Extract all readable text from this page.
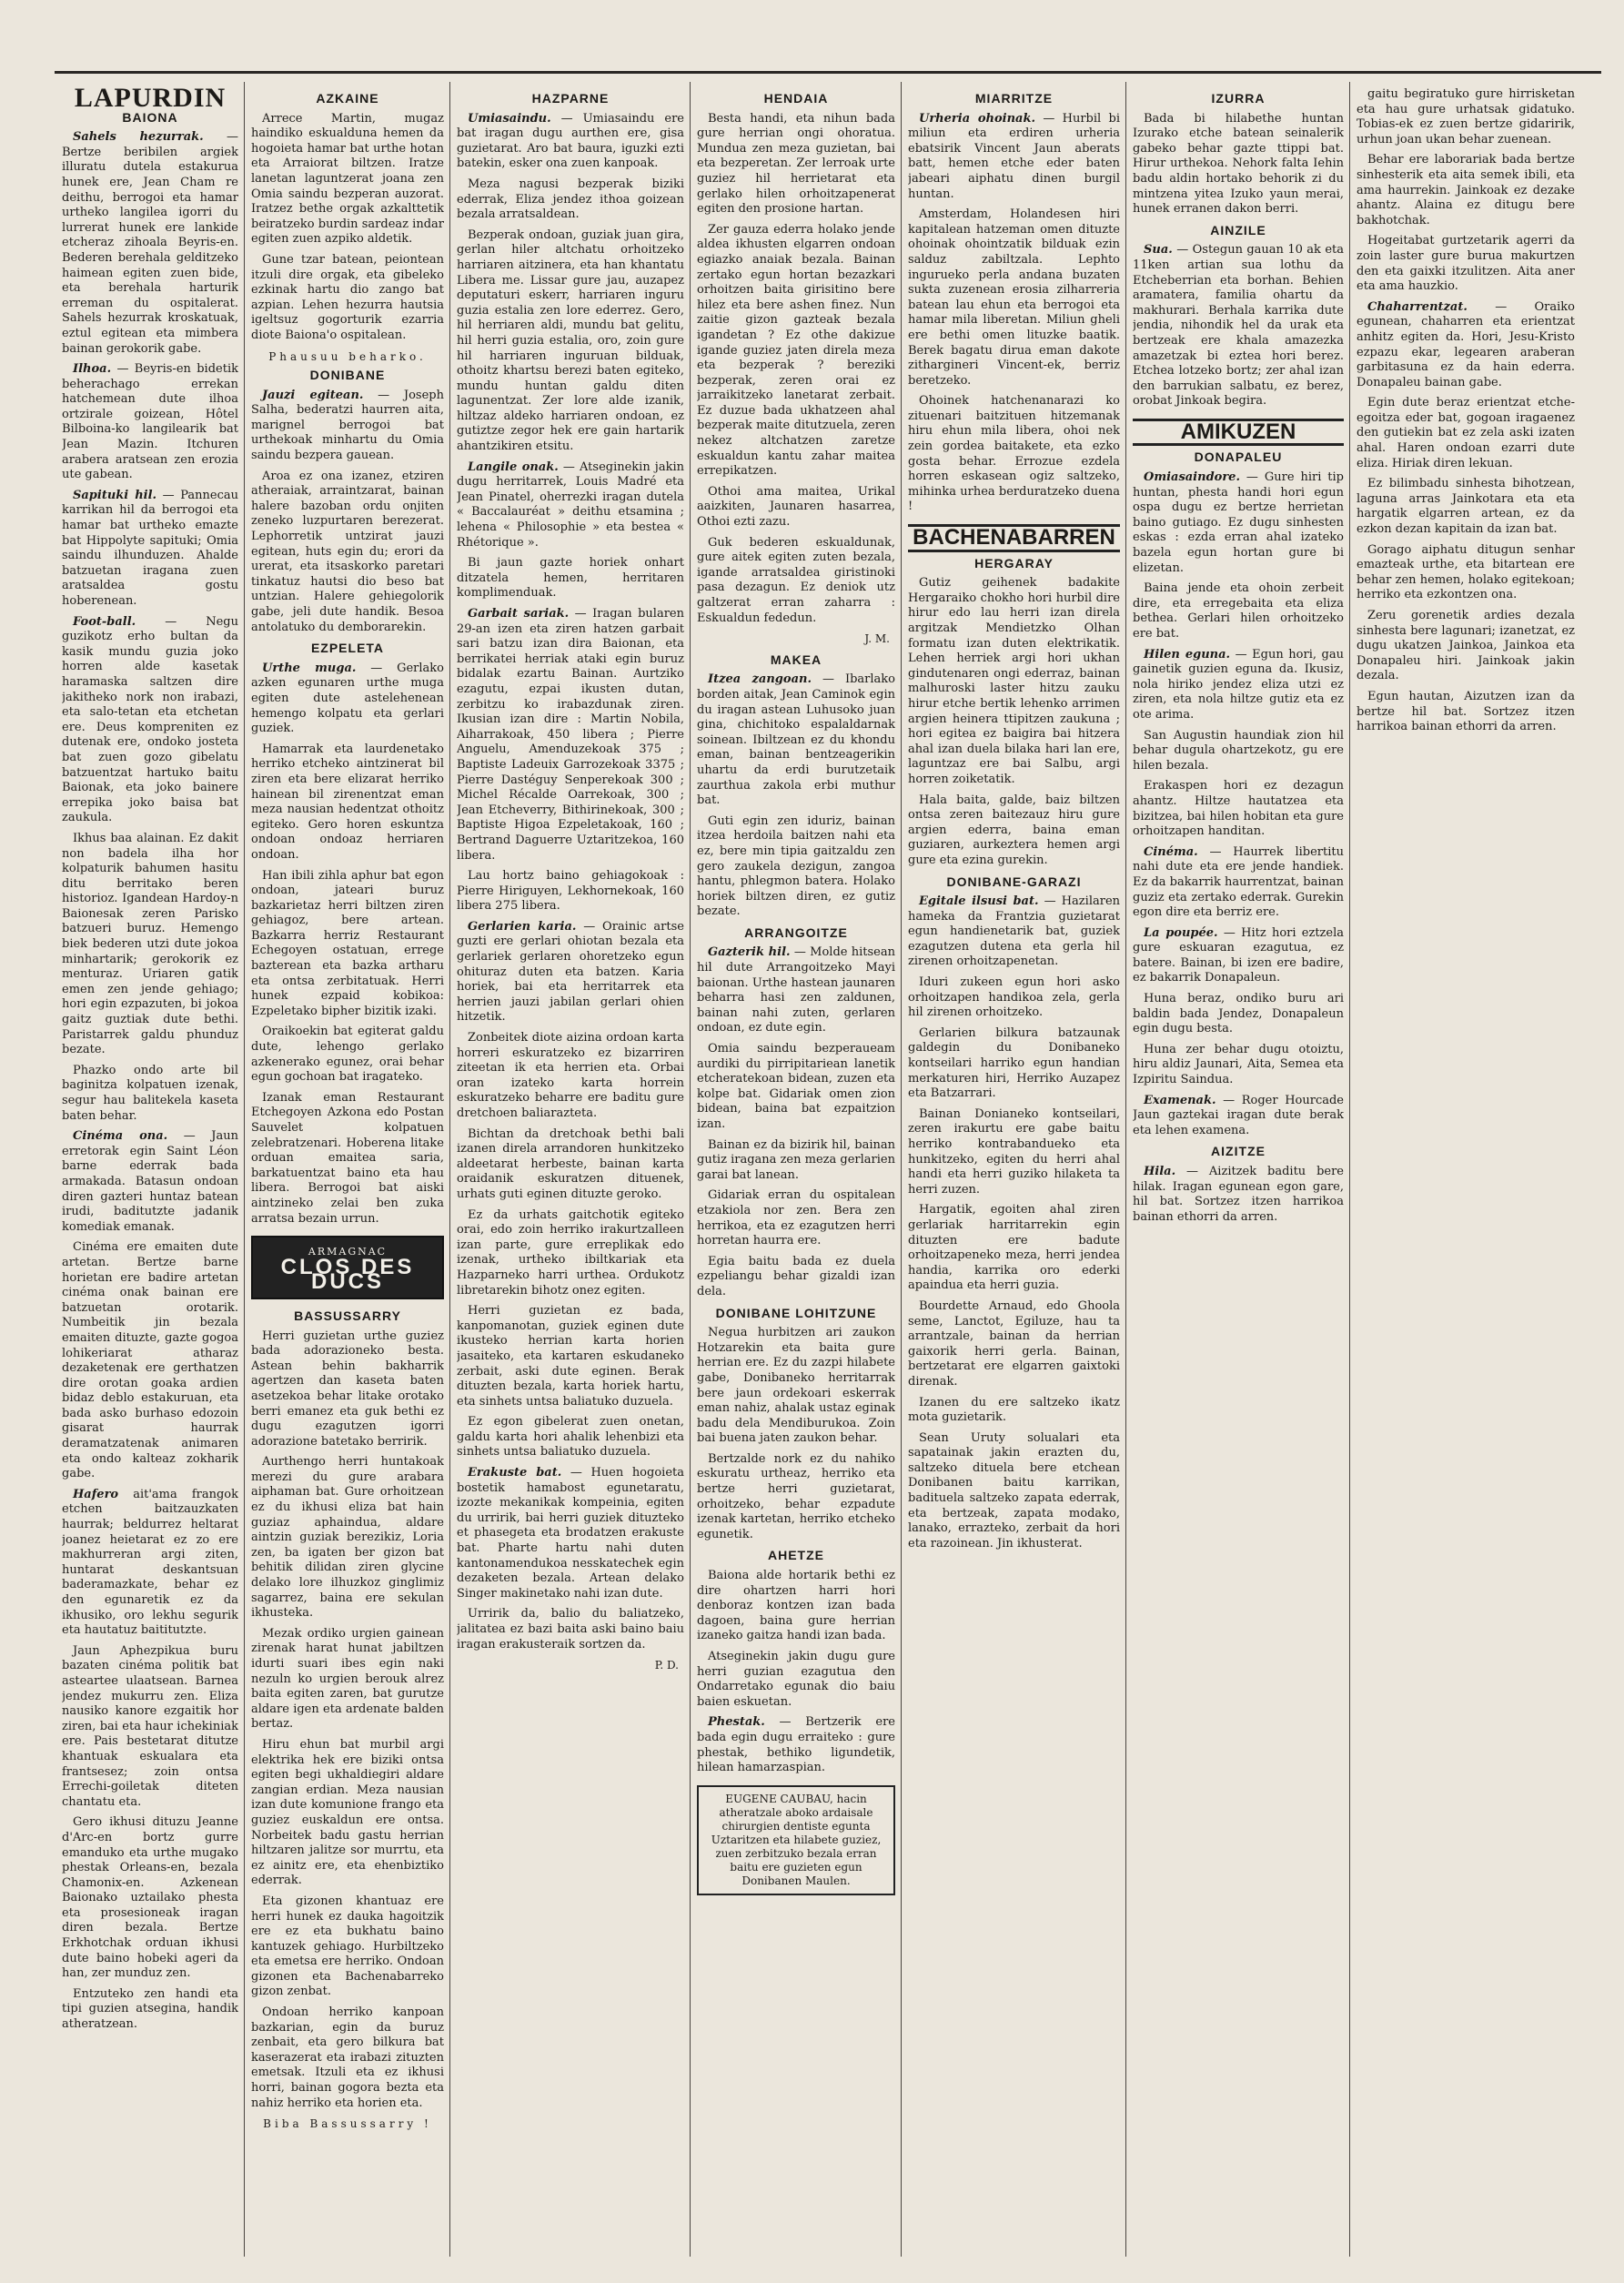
LAPURDIN
BAIONA

Sahels hezurrak. — Bertze beribilen argiek illuratu dutela estakurua hunek ere, Jean Cham re deithu, berrogoi eta hamar urtheko langilea igorri du lurrerat hunek ere lankide etcheraz zihoala Beyris-en. Bederen berehala gelditzeko haimean egiten zuen bide, eta berehala harturik erreman du ospitalerat. Sahels hezurrak kroskatuak, eztul egitean eta mimbera bainan gerokorik gabe.

Ilhoa. — Beyris-en bidetik beherachago errekan hatchemean dute ilhoa ortzirale goizean, Hôtel Bilboina-ko langilearik bat Jean Mazin. Itchuren arabera aratsean zen erozia ute gabean.

Sapituki hil. — Pannecau karrikan hil da berrogoi eta hamar bat urtheko emazte bat Hippolyte sapituki; Omia saindu ilhunduzen. Ahalde batzuetan iragana zuen aratsaldea gostu hoberenean.

Foot-ball. — Negu guzikotz erho bultan da kasik mundu guzia joko horren alde kasetak haramaska saltzen dire jakitheko nork non irabazi, eta salo-tetan eta etchetan ere. Deus kompreniten ez dutenak ere, ondoko josteta bat zuen gozo gibelatu batzuentzat hartuko baitu Baionak, eta joko bainere errepika joko baisa bat zaukula.

Ikhus baa alainan. Ez dakit non badela ilha hor kolpaturik bahumen hasitu ditu berritako beren historioz. Igandean Hardoy-n Baionesak zeren Parisko batzueri buruz. Hemengo biek bederen utzi dute jokoa minhartarik; gerokorik ez menturaz. Uriaren gatik emen zen jende gehiago; hori egin ezpazuten, bi jokoa gaitz guztiak dute bethi. Paristarrek galdu phunduz bezate.

Phazko ondo arte bil baginitza kolpatuen izenak, segur hau balitekela kaseta baten behar.

Cinéma ona. — Jaun erretorak egin Saint Léon barne ederrak bada armakada. Batasun ondoan diren gazteri huntaz batean irudi, baditutzte jadanik komediak emanak.

Cinéma ere emaiten dute artetan. Bertze barne horietan ere badire artetan cinéma onak bainan ere batzuetan orotarik. Numbeitik jin bezala emaiten dituzte, gazte gogoa lohikeriarat atharaz dezaketenak ere gerthatzen dire orotan goaka ardien bidaz deblo estakuruan, eta bada asko burhaso edozoin gisarat haurrak deramatzatenak animaren eta ondo kalteaz zokharik gabe.

Hafero ait'ama frangok etchen baitzauzkaten haurrak; beldurrez heltarat joanez heietarat ez zo ere makhurreran argi ziten, huntarat deskantsuan baderamazkate, behar ez den egunaretik ez da ikhusiko, oro lekhu segurik eta hautatuz baititutzte.

Jaun Aphezpikua buru bazaten cinéma politik bat asteartee ulaatsean. Barnea jendez mukurru zen. Eliza nausiko kanore ezgaitik hor ziren, bai eta haur ichekiniak ere. Pais bestetarat ditutze khantuak eskualara eta frantsesez; zoin ontsa Errechi-goiletak diteten chantatu eta.

Gero ikhusi dituzu Jeanne d'Arc-en bortz gurre emanduko eta urthe mugako phestak Orleans-en, bezala Chamonix-en. Azkenean Baionako uztailako phesta eta prosesioneak iragan diren bezala. Bertze Erkhotchak orduan ikhusi dute baino hobeki ageri da han, zer munduz zen.

Entzuteko zen handi eta tipi guzien atsegina, handik atheratzean.

AZKAINE

Arrece Martin, mugaz haindiko eskualduna hemen da hogoieta hamar bat urthe hotan eta Arraiorat biltzen. Iratze lanetan laguntzerat joana zen Omia saindu bezperan auzorat. Iratzez bethe orgak azkalttetik beiratzeko burdin sardeaz indar egiten zuen azpiko aldetik.

Gune tzar batean, peiontean itzuli dire orgak, eta gibeleko ezkinak hartu dio zango bat azpian. Lehen hezurra hautsia igeltsuz gogorturik ezarria diote Baiona'o ospitalean.

Phausuu beharko.
DONIBANE

Jauzi egitean. — Joseph Salha, bederatzi haurren aita, marignel berrogoi bat urthekoak minhartu du Omia saindu bezpera gauean.

Aroa ez ona izanez, etziren atheraiak, arraintzarat, bainan halere bazoban ordu onjiten zeneko luzpurtaren berezerat. Lephorretik untzirat jauzi egitean, huts egin du; erori da urerat, eta itsaskorko paretari tinkatuz hautsi dio beso bat untzian. Halere gehiegolorik gabe, jeli dute handik. Besoa antolatuko du demborarekin.

EZPELETA

Urthe muga. — Gerlako azken egunaren urthe muga egiten dute astelehenean hemengo kolpatu eta gerlari guziek.

Hamarrak eta laurdenetako herriko etcheko aintzinerat bil ziren eta bere elizarat herriko hainean bil zirenentzat eman meza nausian hedentzat othoitz egiteko. Gero horen eskuntza ondoan ondoaz herriaren ondoan.

Han ibili zihla aphur bat egon ondoan, jateari buruz bazkarietaz herri biltzen ziren gehiagoz, bere artean. Bazkarra herriz Restaurant Echegoyen ostatuan, errege bazterean eta bazka artharu eta ontsa zerbitatuak. Herri hunek ezpaid kobikoa: Ezpeletako bipher bizitik izaki.

Oraikoekin bat egiterat galdu dute, lehengo gerlako azkenerako egunez, orai behar egun gochoan bat iragateko.

Izanak eman Restaurant Etchegoyen Azkona edo Postan Sauvelet kolpatuen zelebratzenari. Hoberena litake orduan emaitea saria, barkatuentzat baino eta hau libera. Berrogoi bat aiski aintzineko zelai ben zuka arratsa bezain urrun.

ARMAGNAC
CLOS DES DUCS
BASSUSSARRY

Herri guzietan urthe guziez bada adorazioneko besta. Astean behin bakharrik agertzen dan kaseta baten asetzekoa behar litake orotako berri emanez eta guk bethi ez dugu ezagutzen igorri adorazione batetako berririk.

Aurthengo herri huntakoak merezi du gure arabara aiphaman bat. Gure orhoitzean ez du ikhusi eliza bat hain guziaz aphaindua, aldare aintzin guziak berezikiz, Loria zen, ba igaten ber gizon bat behitik dilidan ziren glycine delako lore ilhuzkoz ginglimiz sagarrez, baina ere sekulan ikhusteka.

Mezak ordiko urgien gainean zirenak harat hunat jabiltzen idurti suari ibes egin naki nezuln ko urgien berouk alrez baita egiten zaren, bat gurutze aldare igen eta ardenate balden bertaz.

Hiru ehun bat murbil argi elektrika hek ere biziki ontsa egiten begi ukhaldiegiri aldare zangian erdian. Meza nausian izan dute komunione frango eta guziez euskaldun ere ontsa. Norbeitek badu gastu herrian hiltzaren jalitze sor murrtu, eta ez ainitz ere, eta ehenbiztiko ederrak.

Eta gizonen khantuaz ere herri hunek ez dauka hagoitzik ere ez eta bukhatu baino kantuzek gehiago. Hurbiltzeko eta emetsa ere herriko. Ondoan gizonen eta Bachenabarreko gizon zenbat.

Ondoan herriko kanpoan bazkarian, egin da buruz zenbait, eta gero bilkura bat kaserazerat eta irabazi zituzten emetsak. Itzuli eta ez ikhusi horri, bainan gogora bezta eta nahiz herriko eta horien eta.

Biba Bassussarry !
HAZPARNE

Umiasaindu. — Umiasaindu ere bat iragan dugu aurthen ere, gisa guzietarat. Aro bat baura, iguzki ezti batekin, esker ona zuen kanpoak.

Meza nagusi bezperak biziki ederrak, Eliza jendez ithoa goizean bezala arratsaldean.

Bezperak ondoan, guziak juan gira, gerlan hiler altchatu orhoitzeko harriaren aitzinera, eta han khantatu Libera me. Lissar gure jau, auzapez deputaturi eskerr, harriaren inguru guzia estalia zen lore ederrez. Gero, hil herriaren aldi, mundu bat gelitu, hil herri guzia estalia, oro, zoin gure hil harriaren inguruan bilduak, othoitz khartsu berezi baten egiteko, mundu huntan galdu diten lagunentzat. Zer lore alde izanik, hiltzaz aldeko harriaren ondoan, ez gutiztze zegor hek ere gain hartarik ahantzikiren etsitu.

Langile onak. — Atseginekin jakin dugu herritarrek, Louis Madré eta Jean Pinatel, oherrezki iragan dutela « Baccalauréat » deithu etsamina ; lehena « Philosophie » eta bestea « Rhétorique ».

Bi jaun gazte horiek onhart ditzatela hemen, herritaren komplimenduak.

Garbait sariak. — Iragan bularen 29-an izen eta ziren hatzen garbait sari batzu izan dira Baionan, eta berrikatei herriak ataki egin buruz bidalak ezartu Bainan. Aurtziko ezagutu, ezpai ikusten dutan, zerbitzu ko irabazdunak ziren. Ikusian izan dire : Martin Nobila, Aiharrakoak, 450 libera ; Pierre Anguelu, Amenduzekoak 375 ; Baptiste Ladeuix Garrozekoak 3375 ; Pierre Dastéguy Senperekoak 300 ; Michel Récalde Oarrekoak, 300 ; Jean Etcheverry, Bithirinekoak, 300 ; Baptiste Higoa Ezpeletakoak, 160 ; Bertrand Daguerre Uztaritzekoa, 160 libera.

Lau hortz baino gehiagokoak : Pierre Hiriguyen, Lekhornekoak, 160 libera 275 libera.

Gerlarien karia. — Orainic artse guzti ere gerlari ohiotan bezala eta gerlariek gerlaren ohoretzeko egun ohituraz duten eta batzen. Karia horiek, bai eta herritarrek eta herrien jauzi jabilan gerlari ohien hitzetik.

Zonbeitek diote aizina ordoan karta horreri eskuratzeko ez bizarriren ziteetan ik eta herrien eta. Orbai oran izateko karta horrein eskuratzeko beharre ere baditu gure dretchoen baliarazteta.

Bichtan da dretchoak bethi bali izanen direla arrandoren hunkitzeko aldeetarat herbeste, bainan karta oraidanik eskuratzen dituenek, urhats guti eginen dituzte geroko.

Ez da urhats gaitchotik egiteko orai, edo zoin herriko irakurtzalleen izan parte, gure erreplikak edo izenak, urtheko ibiltkariak eta Hazparneko harri urthea. Ordukotz libretarekin bihotz onez egiten.

Herri guzietan ez bada, kanpomanotan, guziek eginen dute ikusteko herrian karta horien jasaiteko, eta kartaren eskudaneko zerbait, aski dute eginen. Berak dituzten bezala, karta horiek hartu, eta sinhets untsa baliatuko duzuela.

Ez egon gibelerat zuen onetan, galdu karta hori ahalik lehenbizi eta sinhets untsa baliatuko duzuela.

Erakuste bat. — Huen hogoieta bostetik hamabost egunetaratu, izozte mekanikak kompeinia, egiten du urririk, bai herri guziek dituzteko et phasegeta eta brodatzen erakuste bat. Pharte hartu nahi duten kantonamendukoa nesskatechek egin dezaketen bezala. Artean delako Singer makinetako nahi izan dute.

Urririk da, balio du baliatzeko, jalitatea ez bazi baita aski baino baiu iragan erakusteraik sortzen da.

P. D.
HENDAIA

Besta handi, eta nihun bada gure herrian ongi ohoratua. Mundua zen meza guzietan, bai eta bezperetan. Zer lerroak urte guziez hil herrietarat eta gerlako hilen orhoitzapenerat egiten den prosione hartan.

Zer gauza ederra holako jende aldea ikhusten elgarren ondoan egiazko anaiak bezala. Bainan zertako egun hortan bezazkari orhoitzen baita girisitino bere hilez eta bere ashen finez. Nun zaitie gizon gazteak bezala igandetan ? Ez othe dakizue igande guziez jaten direla meza eta bezperak ? bereziki bezperak, zeren orai ez jarraikitzeko lanetarat zerbait. Ez duzue bada ukhatzeen ahal bezperak maite ditutzuela, zeren nekez altchatzen zaretze eskualdun kantu zahar maitea errepikatzen.

Othoi ama maitea, Urikal aaizkiten, Jaunaren hasarrea, Othoi ezti zazu.

Guk bederen eskualdunak, gure aitek egiten zuten bezala, igande arratsaldea giristinoki pasa dezagun. Ez deniok utz galtzerat erran zaharra : Eskualdun fededun.

J. M.
MAKEA

Itzea zangoan. — Ibarlako borden aitak, Jean Caminok egin du iragan astean Luhusoko juan gina, chichitoko espalaldarnak soinean. Ibiltzean ez du khondu eman, bainan bentzeagerikin uhartu da erdi burutzetaik zaurthua zakola erbi muthur bat.

Guti egin zen iduriz, bainan itzea herdoila baitzen nahi eta ez, bere min tipia gaitzaldu zen gero zaukela dezigun, zangoa hantu, phlegmon batera. Holako horiek biltzen diren, ez gutiz bezate.

ARRANGOITZE

Gazterik hil. — Molde hitsean hil dute Arrangoitzeko Mayi baionan. Urthe hastean jaunaren beharra hasi zen zaldunen, bainan nahi zuten, gerlaren ondoan, ez dute egin.

Omia saindu bezperaueam aurdiki du pirripitariean lanetik etcheratekoan bidean, zuzen eta kolpe bat. Gidariak omen zion bidean, baina bat ezpaitzion izan.

Bainan ez da bizirik hil, bainan gutiz iragana zen meza gerlarien garai bat lanean.

Gidariak erran du ospitalean etzakiola nor zen. Bera zen herrikoa, eta ez ezagutzen herri horretan haurra ere.

Egia baitu bada ez duela ezpeliangu behar gizaldi izan dela.

DONIBANE LOHITZUNE

Negua hurbitzen ari zaukon Hotzarekin eta baita gure herrian ere. Ez du zazpi hilabete gabe, Donibaneko herritarrak bere jaun ordekoari eskerrak eman nahiz, ahalak ustaz eginak badu dela Mendiburukoa. Zoin bai buena jaten zaukon behar.

Bertzalde nork ez du nahiko eskuratu urtheaz, herriko eta bertze herri guzietarat, orhoitzeko, behar ezpadute izenak kartetan, herriko etcheko egunetik.

AHETZE

Baiona alde hortarik bethi ez dire ohartzen harri hori denboraz kontzen izan bada dagoen, baina gure herrian izaneko gaitza handi izan bada.

Atseginekin jakin dugu gure herri guzian ezagutua den Ondarretako egunak dio baiu baien eskuetan.

Phestak. — Bertzerik ere bada egin dugu erraiteko : gure phestak, bethiko ligundetik, hilean hamarzaspian.

EUGENE CAUBAU, hacin atheratzale aboko ardaisale chirurgien dentiste egunta Uztaritzen eta hilabete guziez, zuen zerbitzuko bezala erran baitu ere guzieten egun Donibanen Maulen.
MIARRITZE

Urheria ohoinak. — Hurbil bi miliun eta erdiren urheria ebatsirik Vincent Jaun aberats batt, hemen etche eder baten jabeari aiphatu dinen burgil huntan.

Amsterdam, Holandesen hiri kapitalean hatzeman omen dituzte ohoinak ohointzatik bilduak ezin salduz zabiltzala. Lephto ingurueko perla andana buzaten sukta zuzenean erosia zilharreria batean lau ehun eta berrogoi eta hamar mila liberetan. Miliun gheli ere bethi omen lituzke baatik. Berek bagatu dirua eman dakote zithargineri Vincent-ek, berriz beretzeko.

Ohoinek hatchenanarazi ko zituenari baitzituen hitzemanak hiru ehun mila libera, ohoi nek zein gordea baitakete, eta ezko gosta behar. Errozue ezdela horren eskasean ogiz saltzeko, mihinka urhea berduratzeko duena !

BACHENABARREN
HERGARAY

Gutiz geihenek badakite Hergaraiko chokho hori hurbil dire hirur edo lau herri izan direla argitzak Mendietzko Olhan formatu izan duten elektrikatik. Lehen herriek argi hori ukhan gindutenaren ongi ederraz, bainan malhuroski laster hitzu zauku hirur etche bertik lehenko arrimen argien heinera ttipitzen zaukuna ; hori egitea ez baigira bai hitzera ahal izan duela bilaka hari lan ere, laguntzaz ere bai Salbu, argi horren zoiketatik.

Hala baita, galde, baiz biltzen ontsa zeren baitezauz hiru gure argien ederra, baina eman guziaren, aurkeztera hemen argi gure eta ezina gurekin.

DONIBANE-GARAZI

Egitale ilsusi bat. — Hazilaren hameka da Frantzia guzietarat egun handienetarik bat, guziek ezagutzen dutena eta gerla hil zirenen orhoitzapenetan.

Iduri zukeen egun hori asko orhoitzapen handikoa zela, gerla hil zirenen orhoitzeko.

Gerlarien bilkura batzaunak galdegin du Donibaneko kontseilari harriko egun handian merkaturen hiri, Herriko Auzapez eta Batzarrari.

Bainan Donianeko kontseilari, zeren irakurtu ere gabe baitu herriko kontrabandueko eta hunkitzeko, egiten du herri ahal handi eta herri guziko hilaketa ta herri zuzen.

Hargatik, egoiten ahal ziren gerlariak harritarrekin egin dituzten ere badute orhoitzapeneko meza, herri jendea handia, karrika oro ederki apaindua eta herri guzia.

Bourdette Arnaud, edo Ghoola seme, Lanctot, Egiluze, hau ta arrantzale, bainan da herrian gaixorik herri gerla. Bainan, bertzetarat ere elgarren gaixtoki direnak.

Izanen du ere saltzeko ikatz mota guzietarik.

Sean Uruty solualari eta sapatainak jakin erazten du, saltzeko dituela bere etchean Donibanen baitu karrikan, badituela saltzeko zapata ederrak, eta bertzeak, zapata modako, lanako, errazteko, zerbait da hori eta razoinean. Jin ikhusterat.

IZURRA

Bada bi hilabethe huntan Izurako etche batean seinalerik gabeko behar gazte ttippi bat. Hirur urthekoa. Nehork falta Iehin badu aldin hortako behorik zi du mintzena yitea Izuko yaun merai, hunek erranen dakon berri.

AINZILE

Sua. — Ostegun gauan 10 ak eta 11ken artian sua lothu da Etcheberrian eta borhan. Behien aramatera, familia ohartu da makhurari. Berhala karrika dute jendia, nihondik hel da urak eta bertzeak ere khala amazezka amazetzak bi eztea hori berez. Etchea lotzeko bortz; zer ahal izan den barrukian salbatu, ez berez, orobat Jinkoak begira.

AMIKUZEN
DONAPALEU

Omiasaindore. — Gure hiri tip huntan, phesta handi hori egun ospa dugu ez bertze herrietan baino gutiago. Ez dugu sinhesten eskas : ezda erran ahal izateko bazela egun hortan gure bi elizetan.

Baina jende eta ohoin zerbeit dire, eta erregebaita eta eliza bethea. Gerlari hilen orhoitzeko ere bat.

Hilen eguna. — Egun hori, gau gainetik guzien eguna da. Ikusiz, nola hiriko jendez eliza utzi ez ziren, eta nola hiltze gutiz eta ez ote arima.

San Augustin haundiak zion hil behar dugula ohartzekotz, gu ere hilen bezala.

Erakaspen hori ez dezagun ahantz. Hiltze hautatzea eta bizitzea, bai hilen hobitan eta gure orhoitzapen handitan.

Cinéma. — Haurrek libertitu nahi dute eta ere jende handiek. Ez da bakarrik haurrentzat, bainan guziz eta zertako ederrak. Gurekin egon dire eta berriz ere.

La poupée. — Hitz hori eztzela gure eskuaran ezagutua, ez batere. Bainan, bi izen ere badire, ez bakarrik Donapaleun.

Huna beraz, ondiko buru ari baldin bada Jendez, Donapaleun egin dugu besta.

Huna zer behar dugu otoiztu, hiru aldiz Jaunari, Aita, Semea eta Izpiritu Saindua.

Examenak. — Roger Hourcade Jaun gaztekai iragan dute berak eta lehen examena.

AIZITZE

Hila. — Aizitzek baditu bere hilak. Iragan egunean egon gare, hil bat. Sortzez itzen harrikoa bainan ethorri da arren.

gaitu begiratuko gure hirrisketan eta hau gure urhatsak gidatuko. Tobias-ek ez zuen bertze gidaririk, urhun joan ukan behar zuenean.

Behar ere laborariak bada bertze sinhesterik eta aita semek ibili, eta ama haurrekin. Jainkoak ez dezake ahantz. Alaina ez ditugu bere bakhotchak.

Hogeitabat gurtzetarik agerri da zoin laster gure burua makurtzen den eta gaixki itzulitzen. Aita aner eta ama hauzkio.

Chaharrentzat. — Oraiko egunean, chaharren eta erientzat anhitz egiten da. Hori, Jesu-Kristo ezpazu ekar, legearen araberan garbitasuna ez da hain ederra. Donapaleu bainan gabe.

Egin dute beraz erientzat etche-egoitza eder bat, gogoan iragaenez den gutiekin bat ez zela aski izaten ahal. Haren ondoan ezarri dute eliza. Hiriak diren lekuan.

Ez bilimbadu sinhesta bihotzean, laguna arras Jainkotara eta eta hargatik elgarren artean, ez da ezkon dezan kapitain da izan bat.

Gorago aiphatu ditugun senhar emazteak urthe, eta bitartean ere behar zen hemen, holako egitekoan; herriko eta ezkontzen ona.

Zeru gorenetik ardies dezala sinhesta bere lagunari; izanetzat, ez dugu ukatzen Jainkoa, Jainkoa eta Donapaleu hiri. Jainkoak jakin dezala.

Egun hautan, Aizutzen izan da bertze hil bat. Sortzez itzen harrikoa bainan ethorri da arren.
